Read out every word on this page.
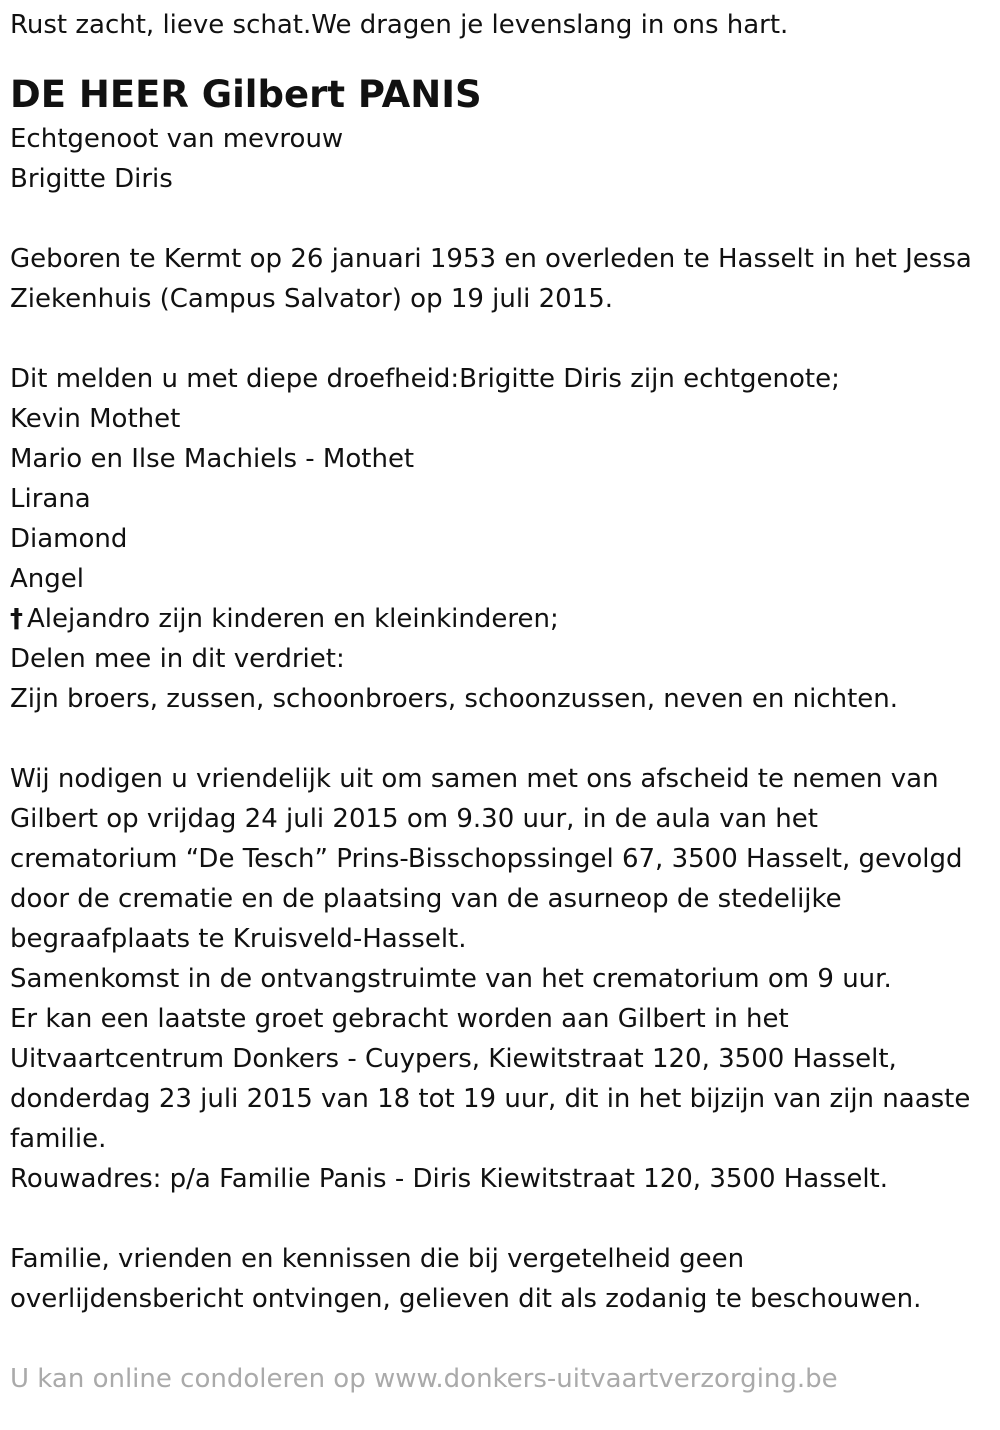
Rust zacht, lieve schat.We dragen je levenslang in ons hart.
DE HEER Gilbert PANIS
Echtgenoot van mevrouw
Brigitte Diris
Geboren te Kermt op 26 januari 1953 en overleden te Hasselt in het Jessa
Ziekenhuis (Campus Salvator) op 19 juli 2015.
Dit melden u met diepe droefheid:Brigitte Diris zijn echtgenote;
Kevin Mothet
Mario en Ilse Machiels - Mothet
Lirana
Diamond
Angel
† Alejandro zijn kinderen en kleinkinderen;
Delen mee in dit verdriet:
Zijn broers, zussen, schoonbroers, schoonzussen, neven en nichten.
Wij nodigen u vriendelijk uit om samen met ons afscheid te nemen van
Gilbert op vrijdag 24 juli 2015 om 9.30 uur, in de aula van het
crematorium “De Tesch” Prins-Bisschopssingel 67, 3500 Hasselt, gevolgd
door de crematie en de plaatsing van de asurneop de stedelijke
begraafplaats te Kruisveld-Hasselt.
Samenkomst in de ontvangstruimte van het crematorium om 9 uur.
Er kan een laatste groet gebracht worden aan Gilbert in het
Uitvaartcentrum Donkers - Cuypers, Kiewitstraat 120, 3500 Hasselt,
donderdag 23 juli 2015 van 18 tot 19 uur, dit in het bijzijn van zijn naaste
familie.
Rouwadres: p/a Familie Panis - Diris Kiewitstraat 120, 3500 Hasselt.
Familie, vrienden en kennissen die bij vergetelheid geen
overlijdensbericht ontvingen, gelieven dit als zodanig te beschouwen.
U kan online condoleren op www.donkers-uitvaartverzorging.be
